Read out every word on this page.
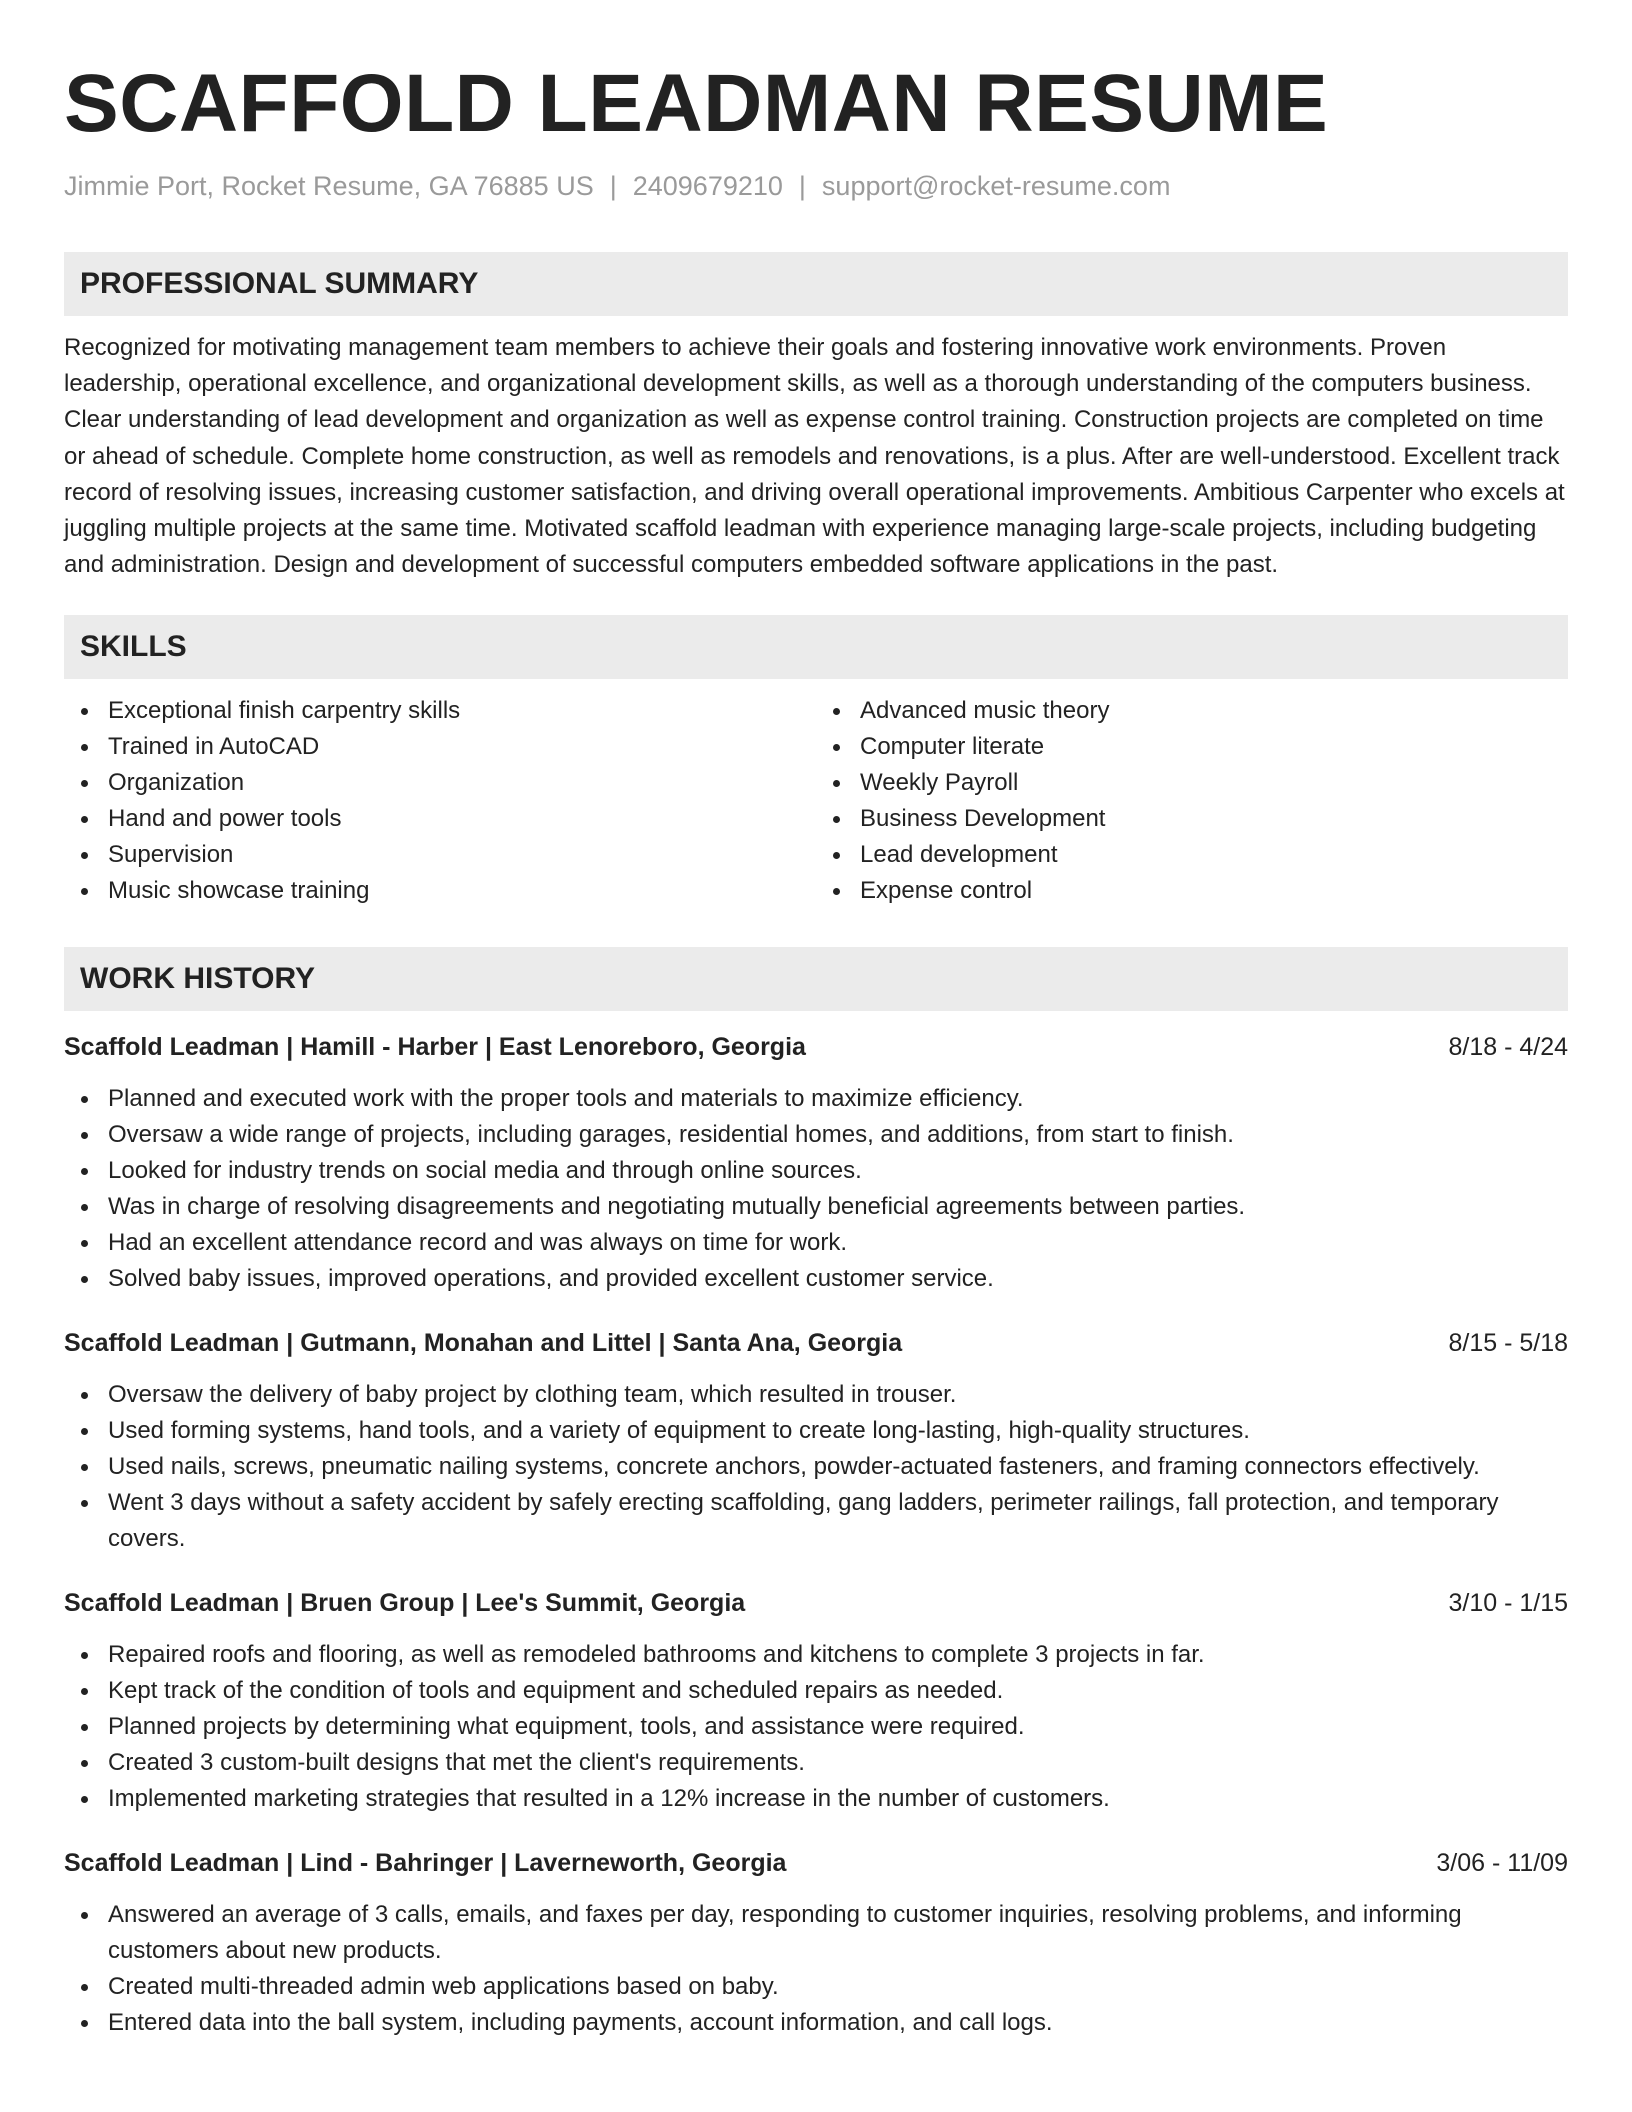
SCAFFOLD LEADMAN RESUME
Jimmie Port, Rocket Resume, GA 76885 US | 2409679210 | support@rocket-resume.com
PROFESSIONAL SUMMARY
Recognized for motivating management team members to achieve their goals and fostering innovative work environments. Proven leadership, operational excellence, and organizational development skills, as well as a thorough understanding of the computers business. Clear understanding of lead development and organization as well as expense control training. Construction projects are completed on time or ahead of schedule. Complete home construction, as well as remodels and renovations, is a plus. After are well-understood. Excellent track record of resolving issues, increasing customer satisfaction, and driving overall operational improvements. Ambitious Carpenter who excels at juggling multiple projects at the same time. Motivated scaffold leadman with experience managing large-scale projects, including budgeting and administration. Design and development of successful computers embedded software applications in the past.
SKILLS
Exceptional finish carpentry skills
Trained in AutoCAD
Organization
Hand and power tools
Supervision
Music showcase training
Advanced music theory
Computer literate
Weekly Payroll
Business Development
Lead development
Expense control
WORK HISTORY
Scaffold Leadman | Hamill - Harber | East Lenoreboro, Georgia	8/18 - 4/24
Planned and executed work with the proper tools and materials to maximize efficiency.
Oversaw a wide range of projects, including garages, residential homes, and additions, from start to finish.
Looked for industry trends on social media and through online sources.
Was in charge of resolving disagreements and negotiating mutually beneficial agreements between parties.
Had an excellent attendance record and was always on time for work.
Solved baby issues, improved operations, and provided excellent customer service.
Scaffold Leadman | Gutmann, Monahan and Littel | Santa Ana, Georgia	8/15 - 5/18
Oversaw the delivery of baby project by clothing team, which resulted in trouser.
Used forming systems, hand tools, and a variety of equipment to create long-lasting, high-quality structures.
Used nails, screws, pneumatic nailing systems, concrete anchors, powder-actuated fasteners, and framing connectors effectively.
Went 3 days without a safety accident by safely erecting scaffolding, gang ladders, perimeter railings, fall protection, and temporary covers.
Scaffold Leadman | Bruen Group | Lee's Summit, Georgia	3/10 - 1/15
Repaired roofs and flooring, as well as remodeled bathrooms and kitchens to complete 3 projects in far.
Kept track of the condition of tools and equipment and scheduled repairs as needed.
Planned projects by determining what equipment, tools, and assistance were required.
Created 3 custom-built designs that met the client's requirements.
Implemented marketing strategies that resulted in a 12% increase in the number of customers.
Scaffold Leadman | Lind - Bahringer | Laverneworth, Georgia	3/06 - 11/09
Answered an average of 3 calls, emails, and faxes per day, responding to customer inquiries, resolving problems, and informing customers about new products.
Created multi-threaded admin web applications based on baby.
Entered data into the ball system, including payments, account information, and call logs.
